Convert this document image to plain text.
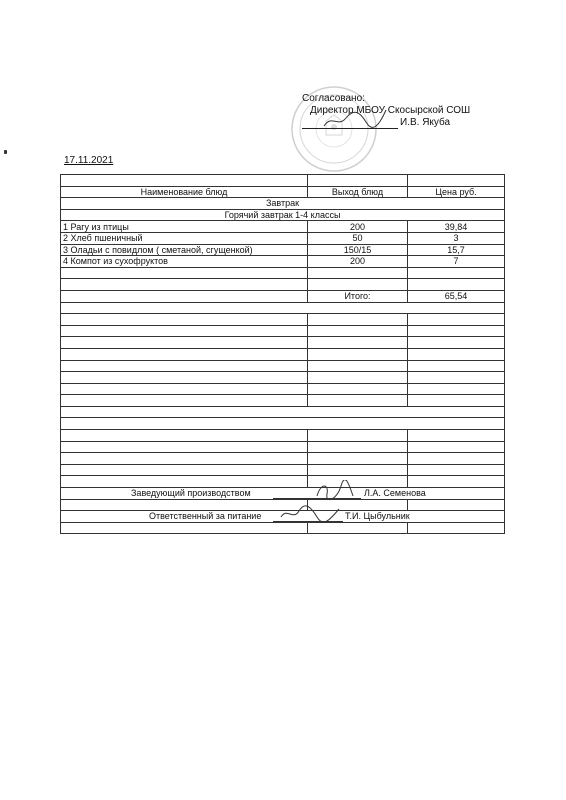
Согласовано:
Директор МБОУ Скосырской СОШ
И.В. Якуба
17.11.2021

Наименование блюд	Выход блюд	Цена руб.
Завтрак		
Горячий завтрак 1-4 классы		
1 Рагу из птицы	200	39,84
2 Хлеб пшеничный	50	3
3 Оладьи с повидлом ( сметаной, сгущенкой)	150/15	15,7
4 Компот из сухофруктов	200	7

	Итого:	65,54

Заведующий производством Л.А. Семенова		

Ответственный за питание Т.И. Цыбульник		
